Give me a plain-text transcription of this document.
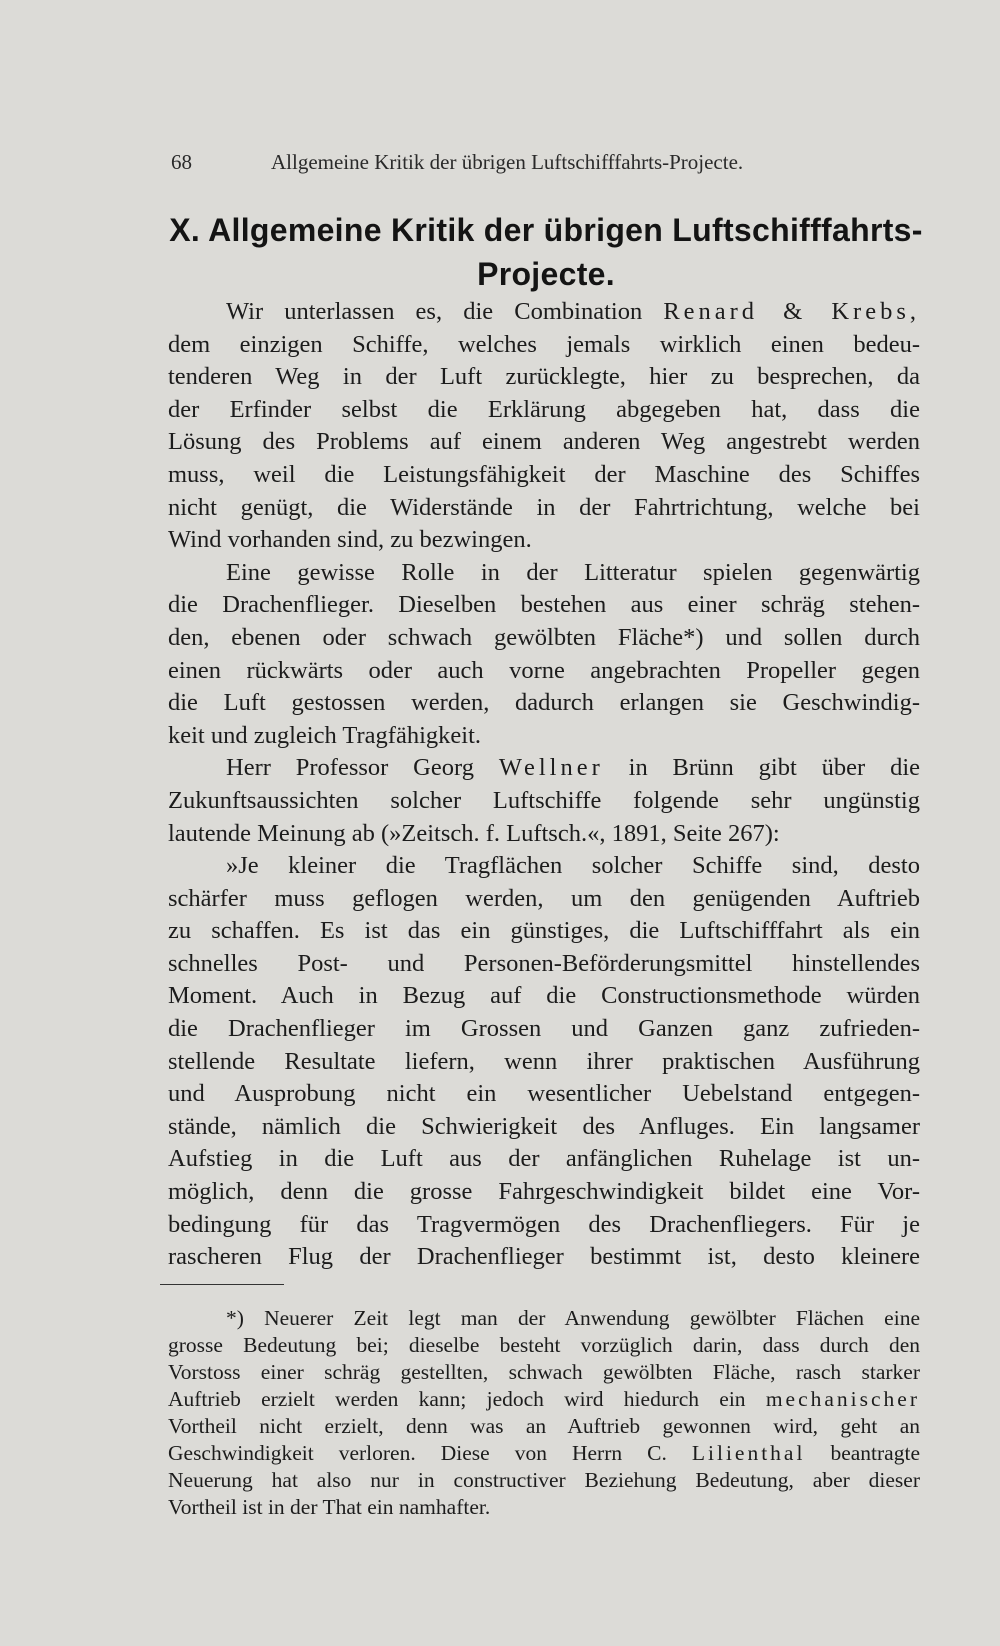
68	Allgemeine Kritik der übrigen Luftschifffahrts-Projecte.
X. Allgemeine Kritik der übrigen Luftschifffahrts-
Projecte.

Wir unterlassen es, die Combination Renard & Krebs,
dem einzigen Schiffe, welches jemals wirklich einen bedeu-
tenderen Weg in der Luft zurücklegte, hier zu besprechen, da
der Erfinder selbst die Erklärung abgegeben hat, dass die
Lösung des Problems auf einem anderen Weg angestrebt werden
muss, weil die Leistungsfähigkeit der Maschine des Schiffes
nicht genügt, die Widerstände in der Fahrtrichtung, welche bei
Wind vorhanden sind, zu bezwingen.

Eine gewisse Rolle in der Litteratur spielen gegenwärtig
die Drachenflieger. Dieselben bestehen aus einer schräg stehen-
den, ebenen oder schwach gewölbten Fläche*) und sollen durch
einen rückwärts oder auch vorne angebrachten Propeller gegen
die Luft gestossen werden, dadurch erlangen sie Geschwindig-
keit und zugleich Tragfähigkeit.

Herr Professor Georg Wellner in Brünn gibt über die
Zukunftsaussichten solcher Luftschiffe folgende sehr ungünstig
lautende Meinung ab (»Zeitsch. f. Luftsch.«, 1891, Seite 267):

»Je kleiner die Tragflächen solcher Schiffe sind, desto
schärfer muss geflogen werden, um den genügenden Auftrieb
zu schaffen. Es ist das ein günstiges, die Luftschifffahrt als ein
schnelles Post- und Personen-Beförderungsmittel hinstellendes
Moment. Auch in Bezug auf die Constructionsmethode würden
die Drachenflieger im Grossen und Ganzen ganz zufrieden-
stellende Resultate liefern, wenn ihrer praktischen Ausführung
und Ausprobung nicht ein wesentlicher Uebelstand entgegen-
stände, nämlich die Schwierigkeit des Anfluges. Ein langsamer
Aufstieg in die Luft aus der anfänglichen Ruhelage ist un-
möglich, denn die grosse Fahrgeschwindigkeit bildet eine Vor-
bedingung für das Tragvermögen des Drachenfliegers. Für je
rascheren Flug der Drachenflieger bestimmt ist, desto kleinere

*) Neuerer Zeit legt man der Anwendung gewölbter Flächen eine
grosse Bedeutung bei; dieselbe besteht vorzüglich darin, dass durch den
Vorstoss einer schräg gestellten, schwach gewölbten Fläche, rasch starker
Auftrieb erzielt werden kann; jedoch wird hiedurch ein mechanischer
Vortheil nicht erzielt, denn was an Auftrieb gewonnen wird, geht an
Geschwindigkeit verloren. Diese von Herrn C. Lilienthal beantragte
Neuerung hat also nur in constructiver Beziehung Bedeutung, aber dieser
Vortheil ist in der That ein namhafter.
